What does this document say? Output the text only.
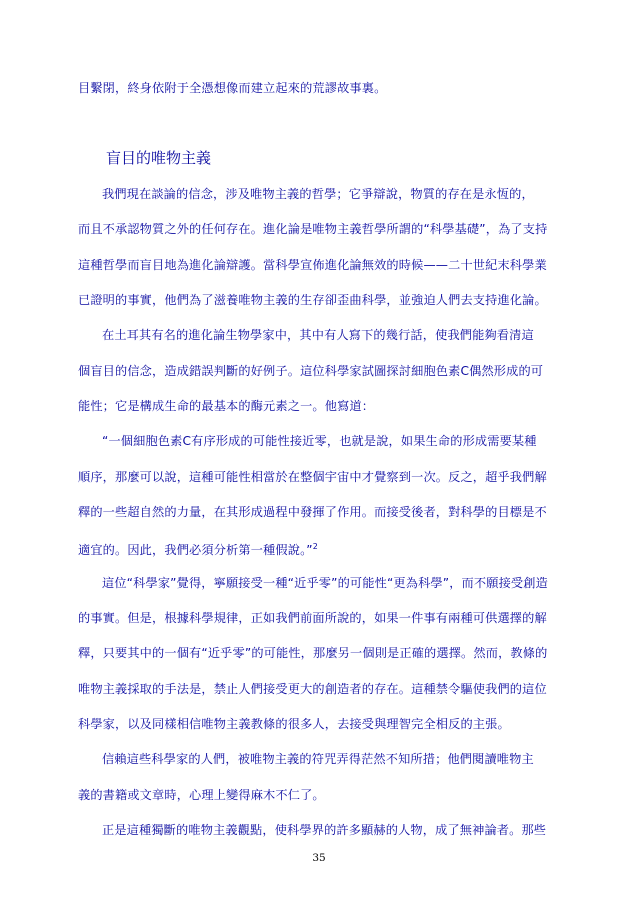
目繫閉，終身依附于全憑想像而建立起來的荒謬故事裏。
盲目的唯物主義
我們現在談論的信念，涉及唯物主義的哲學；它爭辯說，物質的存在是永恆的，
而且不承認物質之外的任何存在。進化論是唯物主義哲學所謂的“科學基礎”，為了支持
這種哲學而盲目地為進化論辯護。當科學宣佈進化論無效的時候——二十世紀末科學業
已證明的事實，他們為了滋養唯物主義的生存卻歪曲科學，並強迫人們去支持進化論。
在土耳其有名的進化論生物學家中，其中有人寫下的幾行話，使我們能夠看清這
個盲目的信念，造成錯誤判斷的好例子。這位科學家試圖探討細胞色素C偶然形成的可
能性；它是構成生命的最基本的酶元素之一。他寫道：
“一個細胞色素C有序形成的可能性接近零，也就是說，如果生命的形成需要某種
順序，那麼可以說，這種可能性相當於在整個宇宙中才覺察到一次。反之，超乎我們解
釋的一些超自然的力量，在其形成過程中發揮了作用。而接受後者，對科學的目標是不
適宜的。因此，我們必須分析第一種假說。”$^2$
這位“科學家”覺得，寧願接受一種“近乎零”的可能性“更為科學”，而不願接受創造
的事實。但是，根據科學規律，正如我們前面所說的，如果一件事有兩種可供選擇的解
釋，只要其中的一個有“近乎零”的可能性，那麼另一個則是正確的選擇。然而，教條的
唯物主義採取的手法是，禁止人們接受更大的創造者的存在。這種禁令驅使我們的這位
科學家，以及同樣相信唯物主義教條的很多人，去接受與理智完全相反的主張。
信賴這些科學家的人們，被唯物主義的符咒弄得茫然不知所措；他們閱讀唯物主
義的書籍或文章時，心理上變得麻木不仁了。
正是這種獨斷的唯物主義觀點，使科學界的許多顯赫的人物，成了無神論者。那些
35
